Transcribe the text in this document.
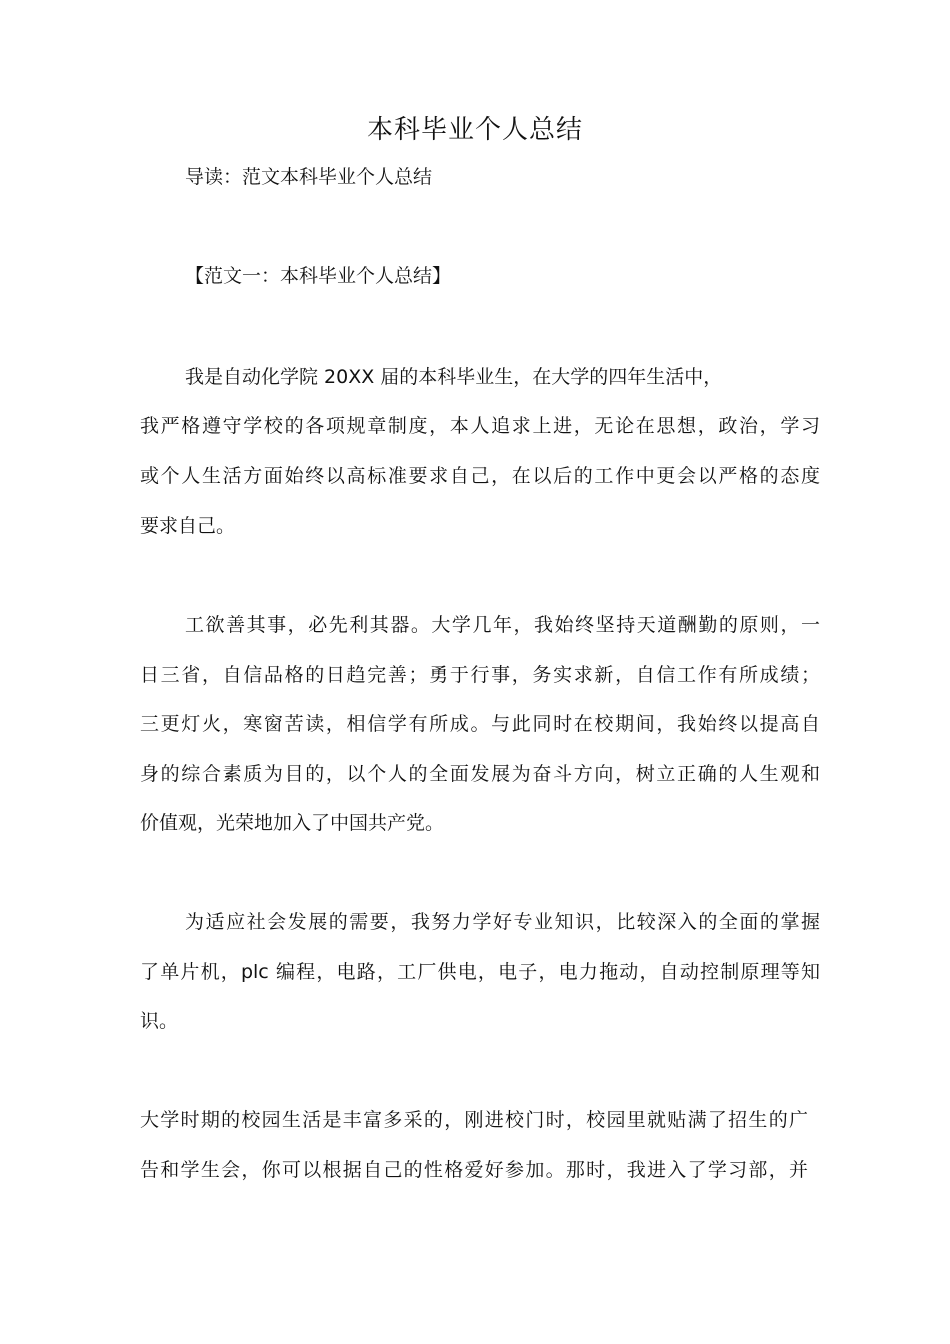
本科毕业个人总结
导读：范文本科毕业个人总结
【范文一：本科毕业个人总结】
我是自动化学院 20XX 届的本科毕业生，在大学的四年生活中，
我严格遵守学校的各项规章制度，本人追求上进，无论在思想，政治，学习
或个人生活方面始终以高标准要求自己，在以后的工作中更会以严格的态度
要求自己。
工欲善其事，必先利其器。大学几年，我始终坚持天道酬勤的原则，一
日三省，自信品格的日趋完善；勇于行事，务实求新，自信工作有所成绩；
三更灯火，寒窗苦读，相信学有所成。与此同时在校期间，我始终以提高自
身的综合素质为目的，以个人的全面发展为奋斗方向，树立正确的人生观和
价值观，光荣地加入了中国共产党。
为适应社会发展的需要，我努力学好专业知识，比较深入的全面的掌握
了单片机，plc 编程，电路，工厂供电，电子，电力拖动，自动控制原理等知
识。
大学时期的校园生活是丰富多采的，刚进校门时，校园里就贴满了招生的广
告和学生会，你可以根据自己的性格爱好参加。那时，我进入了学习部，并
